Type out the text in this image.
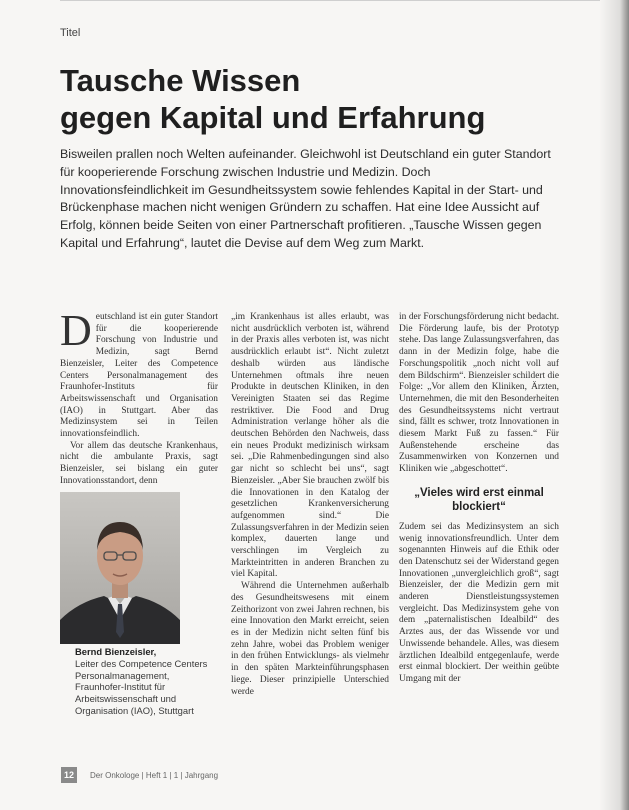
Titel
Tausche Wissen
gegen Kapital und Erfahrung

Bisweilen prallen noch Welten aufeinander. Gleichwohl ist Deutschland ein guter Standort für kooperierende Forschung zwischen Industrie und Medizin. Doch Innovationsfeindlichkeit im Gesundheitssystem sowie fehlendes Kapital in der Start- und Brückenphase machen nicht wenigen Gründern zu schaffen. Hat eine Idee Aussicht auf Erfolg, können beide Seiten von einer Partnerschaft profitieren. „Tausche Wissen gegen Kapital und Erfahrung“, lautet die Devise auf dem Weg zum Markt.

Deutschland ist ein guter Standort für die kooperierende Forschung von Industrie und Medizin, sagt Bernd Bienzeisler, Leiter des Competence Centers Personalmanagement des Fraunhofer-Instituts für Arbeitswissenschaft und Organisation (IAO) in Stuttgart. Aber das Medizinsystem sei in Teilen innovationsfeindlich.

Vor allem das deutsche Krankenhaus, nicht die ambulante Praxis, sagt Bienzeisler, sei bislang ein guter Innovationsstandort, denn

Bernd Bienzeisler,
Leiter des Competence Centers Personalmanagement, Fraunhofer-Institut für Arbeitswissenschaft und Organisation (IAO), Stuttgart

„im Krankenhaus ist alles erlaubt, was nicht ausdrücklich verboten ist, während in der Praxis alles verboten ist, was nicht ausdrücklich erlaubt ist“. Nicht zuletzt deshalb würden aus ländische Unternehmen oftmals ihre neuen Produkte in deutschen Kliniken, in den Vereinigten Staaten sei das Regime restriktiver. Die Food and Drug Administration verlange höher als die deutschen Behörden den Nachweis, dass ein neues Produkt medizinisch wirksam sei. „Die Rahmenbedingungen sind also gar nicht so schlecht bei uns“, sagt Bienzeisler. „Aber Sie brauchen zwölf bis die Innovationen in den Katalog der gesetzlichen Krankenversicherung aufgenommen sind.“ Die Zulassungsverfahren in der Medizin seien komplex, dauerten lange und verschlingen im Vergleich zu Markteintritten in anderen Branchen zu viel Kapital.

Während die Unternehmen außerhalb des Gesundheitswesens mit einem Zeithorizont von zwei Jahren rechnen, bis eine Innovation den Markt erreicht, seien es in der Medizin nicht selten fünf bis zehn Jahre, wobei das Problem weniger in den frühen Entwicklungs- als vielmehr in den späten Markteinführungsphasen liege. Dieser prinzipielle Unterschied werde

in der Forschungsförderung nicht bedacht. Die Förderung laufe, bis der Prototyp stehe. Das lange Zulassungsverfahren, das dann in der Medizin folge, habe die Forschungspolitik „noch nicht voll auf dem Bildschirm“. Bienzeisler schildert die Folge: „Vor allem den Kliniken, Ärzten, Unternehmen, die mit den Besonderheiten des Gesundheitssystems nicht vertraut sind, fällt es schwer, trotz Innovationen in diesem Markt Fuß zu fassen.“ Für Außenstehende erscheine das Zusammenwirken von Konzernen und Kliniken wie „abgeschottet“.

„Vieles wird erst einmal blockiert“

Zudem sei das Medizinsystem an sich wenig innovationsfreundlich. Unter dem sogenannten Hinweis auf die Ethik oder den Datenschutz sei der Widerstand gegen Innovationen „unvergleichlich groß“, sagt Bienzeisler, der die Medizin gern mit anderen Dienstleistungssystemen vergleicht. Das Medizinsystem gehe von dem „paternalistischen Idealbild“ des Arztes aus, der das Wissende vor und Unwissende behandele. Alles, was diesem ärztlichen Idealbild entgegenlaufe, werde erst einmal blockiert. Der weithin geübte Umgang mit der

12	Der Onkologe | Heft 1 | 1 | Jahrgang
